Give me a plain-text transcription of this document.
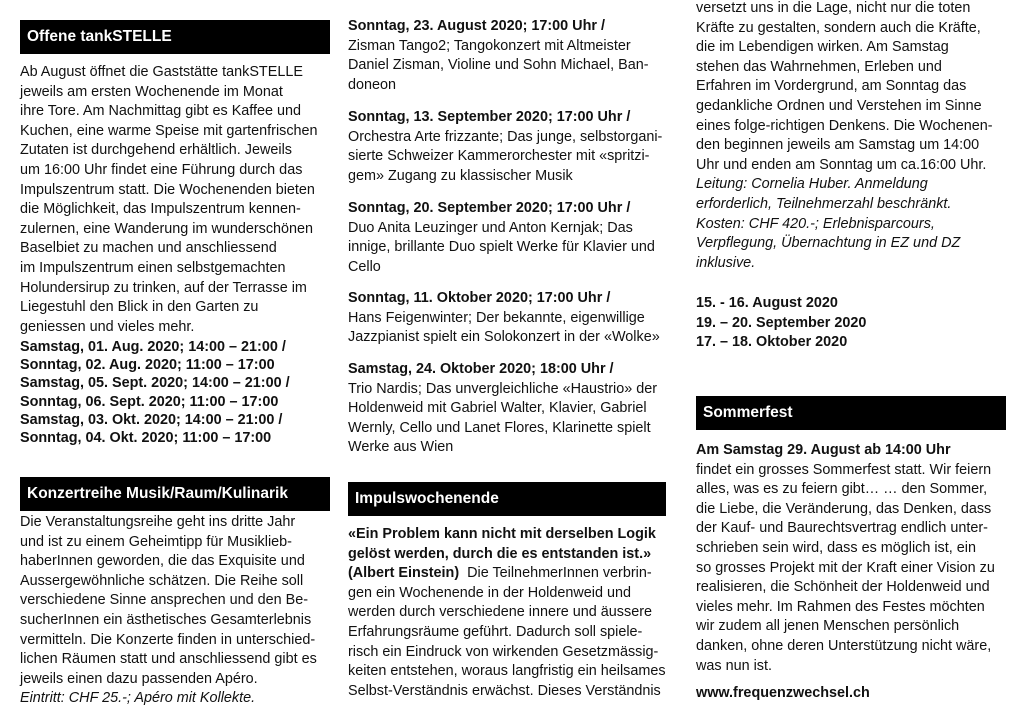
Offene tankSTELLE

Ab August öffnet die Gaststätte tankSTELLE

jeweils am ersten Wochenende im Monat

ihre Tore. Am Nachmittag gibt es Kaffee und

Kuchen, eine warme Speise mit gartenfrischen

Zutaten ist durchgehend erhältlich. Jeweils

um 16:00 Uhr findet eine Führung durch das

Impulszentrum statt. Die Wochenenden bieten

die Möglichkeit, das Impulszentrum kennen-

zulernen, eine Wanderung im wunderschönen

Baselbiet zu machen und anschliessend

im Impulszentrum einen selbstgemachten

Holundersirup zu trinken, auf der Terrasse im

Liegestuhl den Blick in den Garten zu

geniessen und vieles mehr.

Samstag, 01. Aug. 2020; 14:00 – 21:00 /

Sonntag, 02. Aug. 2020; 11:00 – 17:00

Samstag, 05. Sept. 2020; 14:00 – 21:00 /

Sonntag, 06. Sept. 2020; 11:00 – 17:00

Samstag, 03. Okt. 2020; 14:00 – 21:00 /

Sonntag, 04. Okt. 2020; 11:00 – 17:00

Konzertreihe Musik/Raum/Kulinarik

Die Veranstaltungsreihe geht ins dritte Jahr

und ist zu einem Geheimtipp für Musiklieb-

haberInnen geworden, die das Exquisite und

Aussergewöhnliche schätzen. Die Reihe soll

verschiedene Sinne ansprechen und den Be-

sucherInnen ein ästhetisches Gesamterlebnis

vermitteln. Die Konzerte finden in unterschied-

lichen Räumen statt und anschliessend gibt es

jeweils einen dazu passenden Apéro.

Eintritt: CHF 25.-; Apéro mit Kollekte.

Sonntag, 23. August 2020; 17:00 Uhr /

Zisman Tango2; Tangokonzert mit Altmeister

Daniel Zisman, Violine und Sohn Michael, Ban-

doneon

Sonntag, 13. September 2020; 17:00 Uhr /

Orchestra Arte frizzante; Das junge, selbstorgani-

sierte Schweizer Kammerorchester mit «spritzi-

gem» Zugang zu klassischer Musik

Sonntag, 20. September 2020; 17:00 Uhr /

Duo Anita Leuzinger und Anton Kernjak; Das

innige, brillante Duo spielt Werke für Klavier und

Cello

Sonntag, 11. Oktober 2020; 17:00 Uhr /

Hans Feigenwinter; Der bekannte, eigenwillige

Jazzpianist spielt ein Solokonzert in der «Wolke»

Samstag, 24. Oktober 2020; 18:00 Uhr /

Trio Nardis; Das unvergleichliche «Haustrio» der

Holdenweid mit Gabriel Walter, Klavier, Gabriel

Wernly, Cello und Lanet Flores, Klarinette spielt

Werke aus Wien

Impulswochenende

«Ein Problem kann nicht mit derselben Logik

gelöst werden, durch die es entstanden ist.»

(Albert Einstein)  Die TeilnehmerInnen verbrin-

gen ein Wochenende in der Holdenweid und

werden durch verschiedene innere und äussere

Erfahrungsräume geführt. Dadurch soll spiele-

risch ein Eindruck von wirkenden Gesetzmässig-

keiten entstehen, woraus langfristig ein heilsames

Selbst-Verständnis erwächst. Dieses Verständnis

versetzt uns in die Lage, nicht nur die toten

Kräfte zu gestalten, sondern auch die Kräfte,

die im Lebendigen wirken. Am Samstag

stehen das Wahrnehmen, Erleben und

Erfahren im Vordergrund, am Sonntag das

gedankliche Ordnen und Verstehen im Sinne

eines folge-richtigen Denkens. Die Wochenen-

den beginnen jeweils am Samstag um 14:00

Uhr und enden am Sonntag um ca.16:00 Uhr.

Leitung: Cornelia Huber. Anmeldung

erforderlich, Teilnehmerzahl beschränkt.

Kosten: CHF 420.-; Erlebnisparcours,

Verpflegung, Übernachtung in EZ und DZ

inklusive.

15. - 16. August 2020

19. – 20. September 2020

17. – 18. Oktober 2020

Sommerfest

Am Samstag 29. August ab 14:00 Uhr

findet ein grosses Sommerfest statt. Wir feiern

alles, was es zu feiern gibt… … den Sommer,

die Liebe, die Veränderung, das Denken, dass

der Kauf- und Baurechtsvertrag endlich unter-

schrieben sein wird, dass es möglich ist, ein

so grosses Projekt mit der Kraft einer Vision zu

realisieren, die Schönheit der Holdenweid und

vieles mehr. Im Rahmen des Festes möchten

wir zudem all jenen Menschen persönlich

danken, ohne deren Unterstützung nicht wäre,

was nun ist.

www.frequenzwechsel.ch
